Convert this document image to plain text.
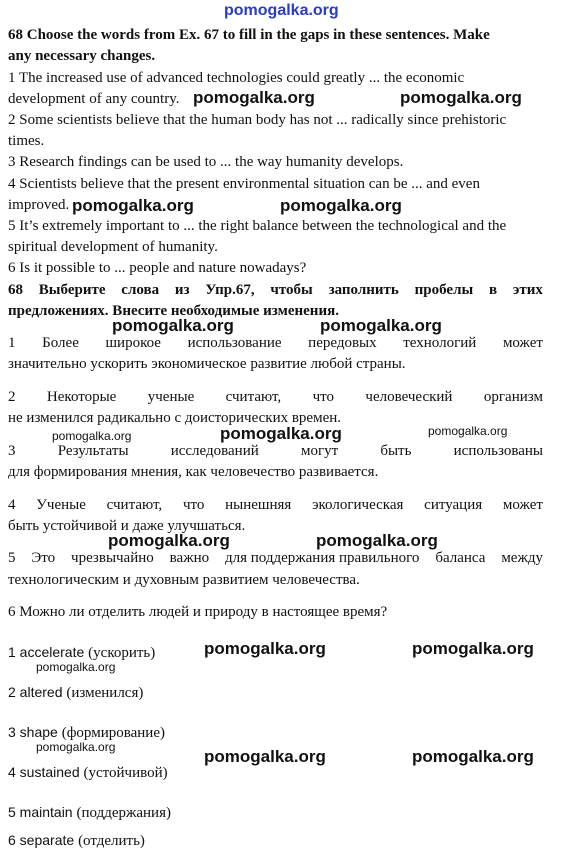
pomogalka.org
68 Choose the words from Ex. 67 to fill in the gaps in these sentences. Make
any necessary changes.
1 The increased use of advanced technologies could greatly ... the economic
development of any country.
2 Some scientists believe that the human body has not ... radically since prehistoric
times.
3 Research findings can be used to ... the way humanity develops.
4 Scientists believe that the present environmental situation can be ... and even
improved.
5 It’s extremely important to ... the right balance between the technological and the
spiritual development of humanity.
6 Is it possible to ... people and nature nowadays?
68 Выберите слова из Упр.67, чтобы заполнить пробелы в этих
предложениях. Внесите необходимые изменения.
1 Более широкое использование передовых технологий может
значительно ускорить экономическое развитие любой страны.
2 Некоторые ученые считают, что человеческий организм
не изменился радикально с доисторических времен.
3	Результаты	исследований	могут	быть	использованы
для формирования мнения, как человечество развивается.
4 Ученые считают, что нынешняя экологическая ситуация может
быть устойчивой и даже улучшаться.
5 Это чрезвычайно важно для поддержания правильного баланса между
технологическим и духовным развитием человечества.
6 Можно ли отделить людей и природу в настоящее время?
1 accelerate (ускорить)
2 altered (изменился)
3 shape (формирование)
4 sustained (устойчивой)
5 maintain (поддержания)
6 separate (отделить)
pomogalka.org	pomogalka.org
pomogalka.org	pomogalka.org
pomogalka.org	pomogalka.org
pomogalka.org
pomogalka.org	pomogalka.org
pomogalka.org	pomogalka.org
pomogalka.org	pomogalka.org
pomogalka.org	pomogalka.org
pomogalka.org
pomogalka.org
